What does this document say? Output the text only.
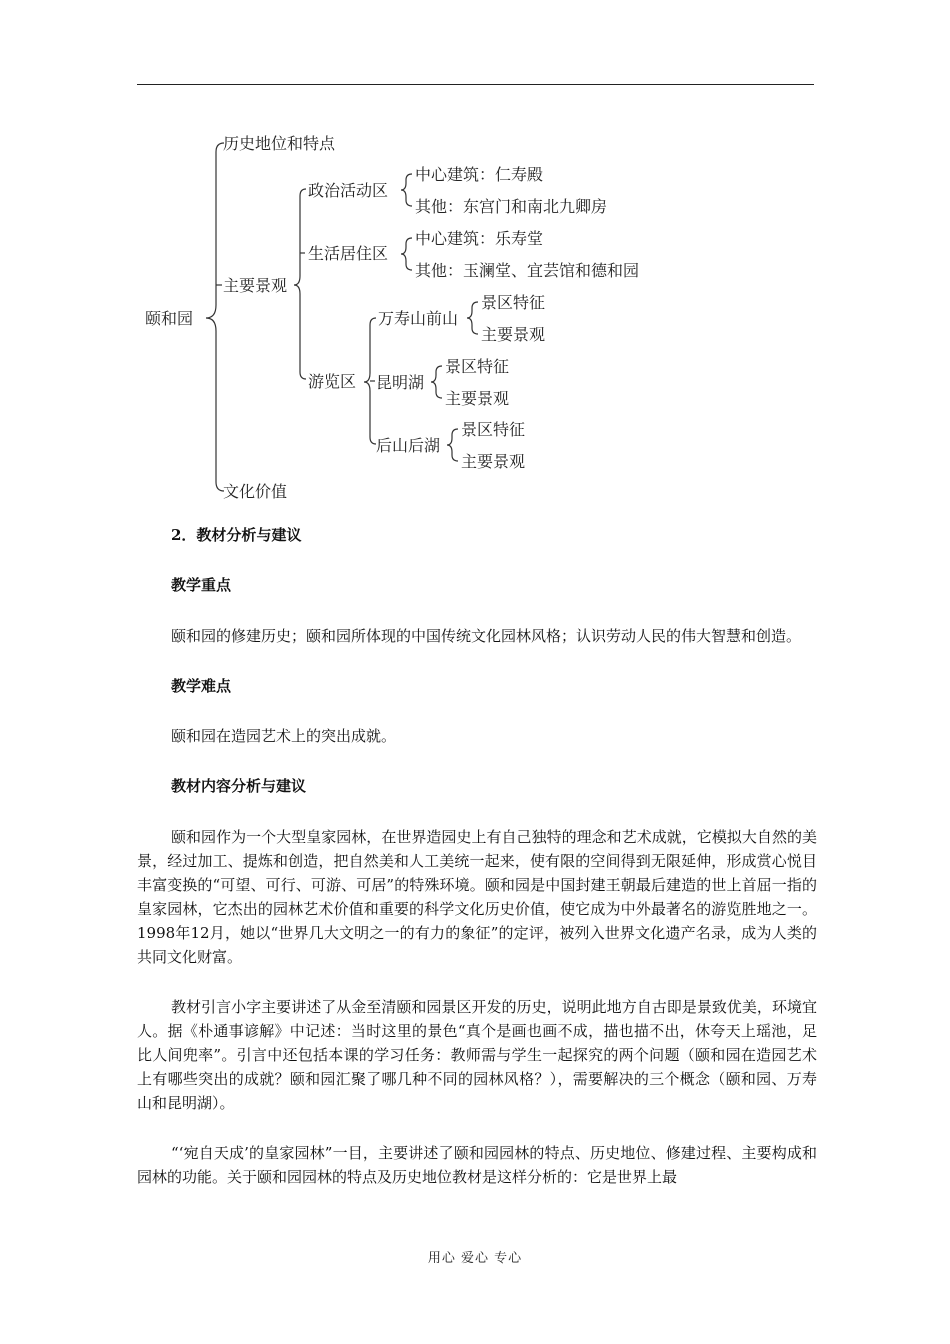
颐和园
历史地位和特点
主要景观
文化价值
政治活动区
生活居住区
游览区
中心建筑：仁寿殿
其他：东宫门和南北九卿房
中心建筑：乐寿堂
其他：玉澜堂、宜芸馆和德和园
万寿山前山
昆明湖
后山后湖
景区特征
主要景观
景区特征
主要景观
景区特征
主要景观

2．教材分析与建议

教学重点

颐和园的修建历史；颐和园所体现的中国传统文化园林风格；认识劳动人民的伟大智慧和创造。

教学难点

颐和园在造园艺术上的突出成就。

教材内容分析与建议

颐和园作为一个大型皇家园林，在世界造园史上有自己独特的理念和艺术成就，它模拟大自然的美景，经过加工、提炼和创造，把自然美和人工美统一起来，使有限的空间得到无限延伸，形成赏心悦目丰富变换的“可望、可行、可游、可居”的特殊环境。颐和园是中国封建王朝最后建造的世上首屈一指的皇家园林，它杰出的园林艺术价值和重要的科学文化历史价值，使它成为中外最著名的游览胜地之一。1998年12月，她以“世界几大文明之一的有力的象征”的定评，被列入世界文化遗产名录，成为人类的共同文化财富。

教材引言小字主要讲述了从金至清颐和园景区开发的历史，说明此地方自古即是景致优美，环境宜人。据《朴通事谚解》中记述：当时这里的景色“真个是画也画不成，描也描不出，休夸天上瑶池，足比人间兜率”。引言中还包括本课的学习任务：教师需与学生一起探究的两个问题（颐和园在造园艺术上有哪些突出的成就？颐和园汇聚了哪几种不同的园林风格？），需要解决的三个概念（颐和园、万寿山和昆明湖）。

“‘宛自天成’的皇家园林”一目，主要讲述了颐和园园林的特点、历史地位、修建过程、主要构成和园林的功能。关于颐和园园林的特点及历史地位教材是这样分析的：它是世界上最

用心 爱心 专心
